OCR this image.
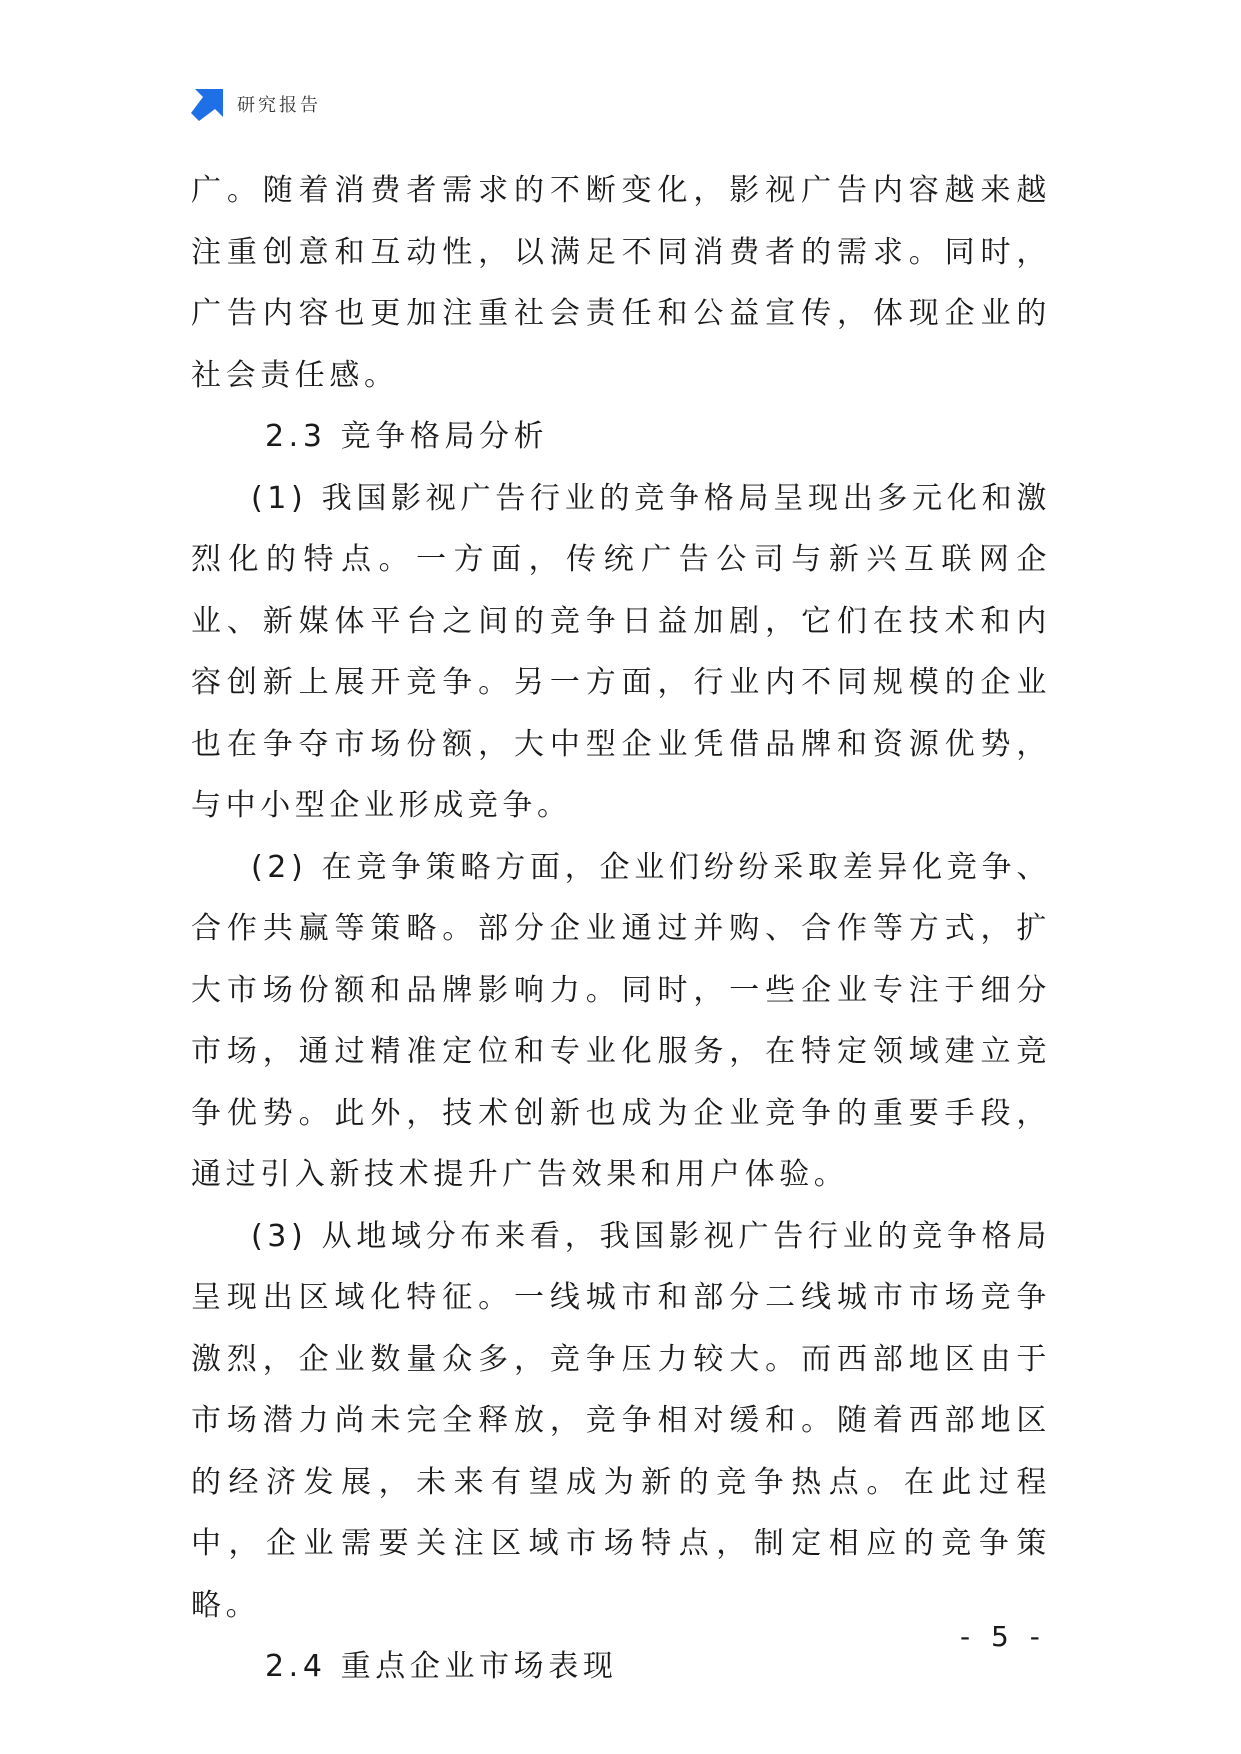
研究报告

广。随着消费者需求的不断变化，影视广告内容越来越注重创意和互动性，以满足不同消费者的需求。同时，广告内容也更加注重社会责任和公益宣传，体现企业的社会责任感。

2.3 竞争格局分析

(1) 我国影视广告行业的竞争格局呈现出多元化和激烈化的特点。一方面，传统广告公司与新兴互联网企业、新媒体平台之间的竞争日益加剧，它们在技术和内容创新上展开竞争。另一方面，行业内不同规模的企业也在争夺市场份额，大中型企业凭借品牌和资源优势，与中小型企业形成竞争。

(2) 在竞争策略方面，企业们纷纷采取差异化竞争、合作共赢等策略。部分企业通过并购、合作等方式，扩大市场份额和品牌影响力。同时，一些企业专注于细分市场，通过精准定位和专业化服务，在特定领域建立竞争优势。此外，技术创新也成为企业竞争的重要手段，通过引入新技术提升广告效果和用户体验。

(3) 从地域分布来看，我国影视广告行业的竞争格局呈现出区域化特征。一线城市和部分二线城市市场竞争激烈，企业数量众多，竞争压力较大。而西部地区由于市场潜力尚未完全释放，竞争相对缓和。随着西部地区的经济发展，未来有望成为新的竞争热点。在此过程中，企业需要关注区域市场特点，制定相应的竞争策略。

2.4 重点企业市场表现

- 5 -
